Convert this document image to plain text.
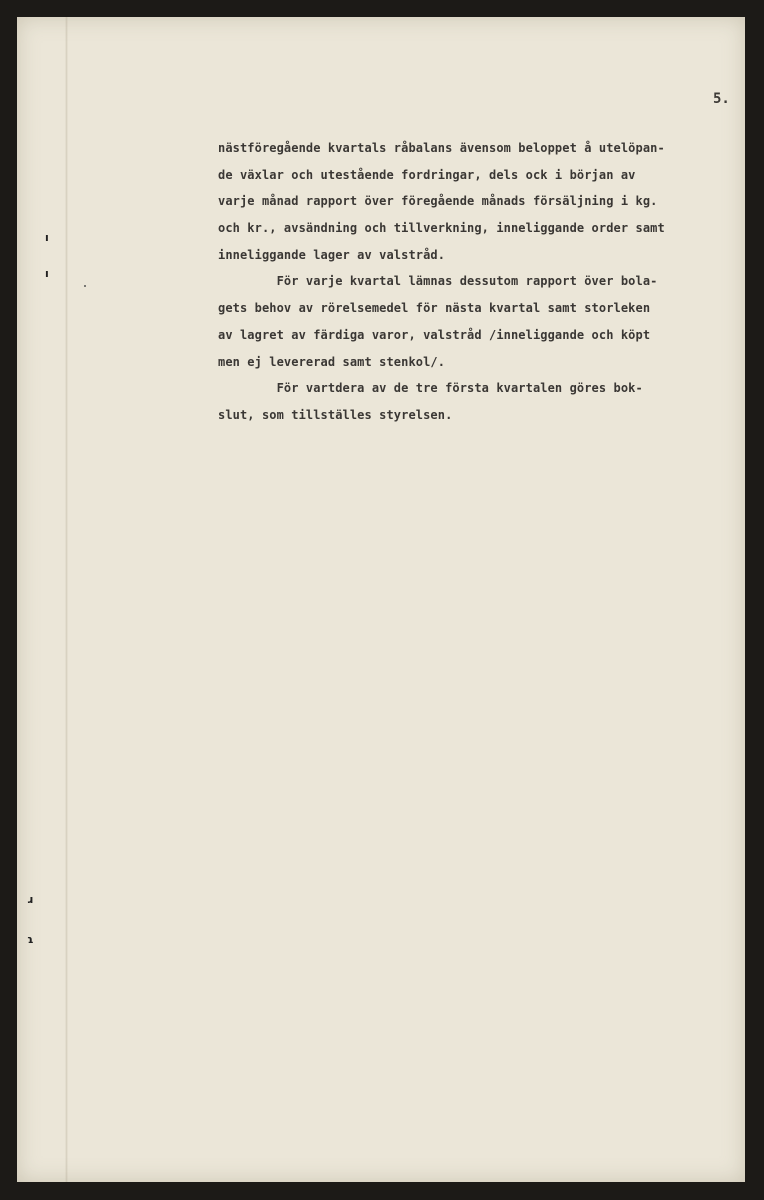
5.

nästföregående kvartals råbalans ävensom beloppet å utelöpan-
de växlar och utestående fordringar, dels ock i början av
varje månad rapport över föregående månads försäljning i kg.
och kr., avsändning och tillverkning, inneliggande order samt
inneliggande lager av valstråd.
För varje kvartal lämnas dessutom rapport över bola-
gets behov av rörelsemedel för nästa kvartal samt storleken
av lagret av färdiga varor, valstråd /inneliggande och köpt
men ej levererad samt stenkol/.
För vartdera av de tre första kvartalen göres bok-
slut, som tillställes styrelsen.
ı
ı
ɹ
ɿ
